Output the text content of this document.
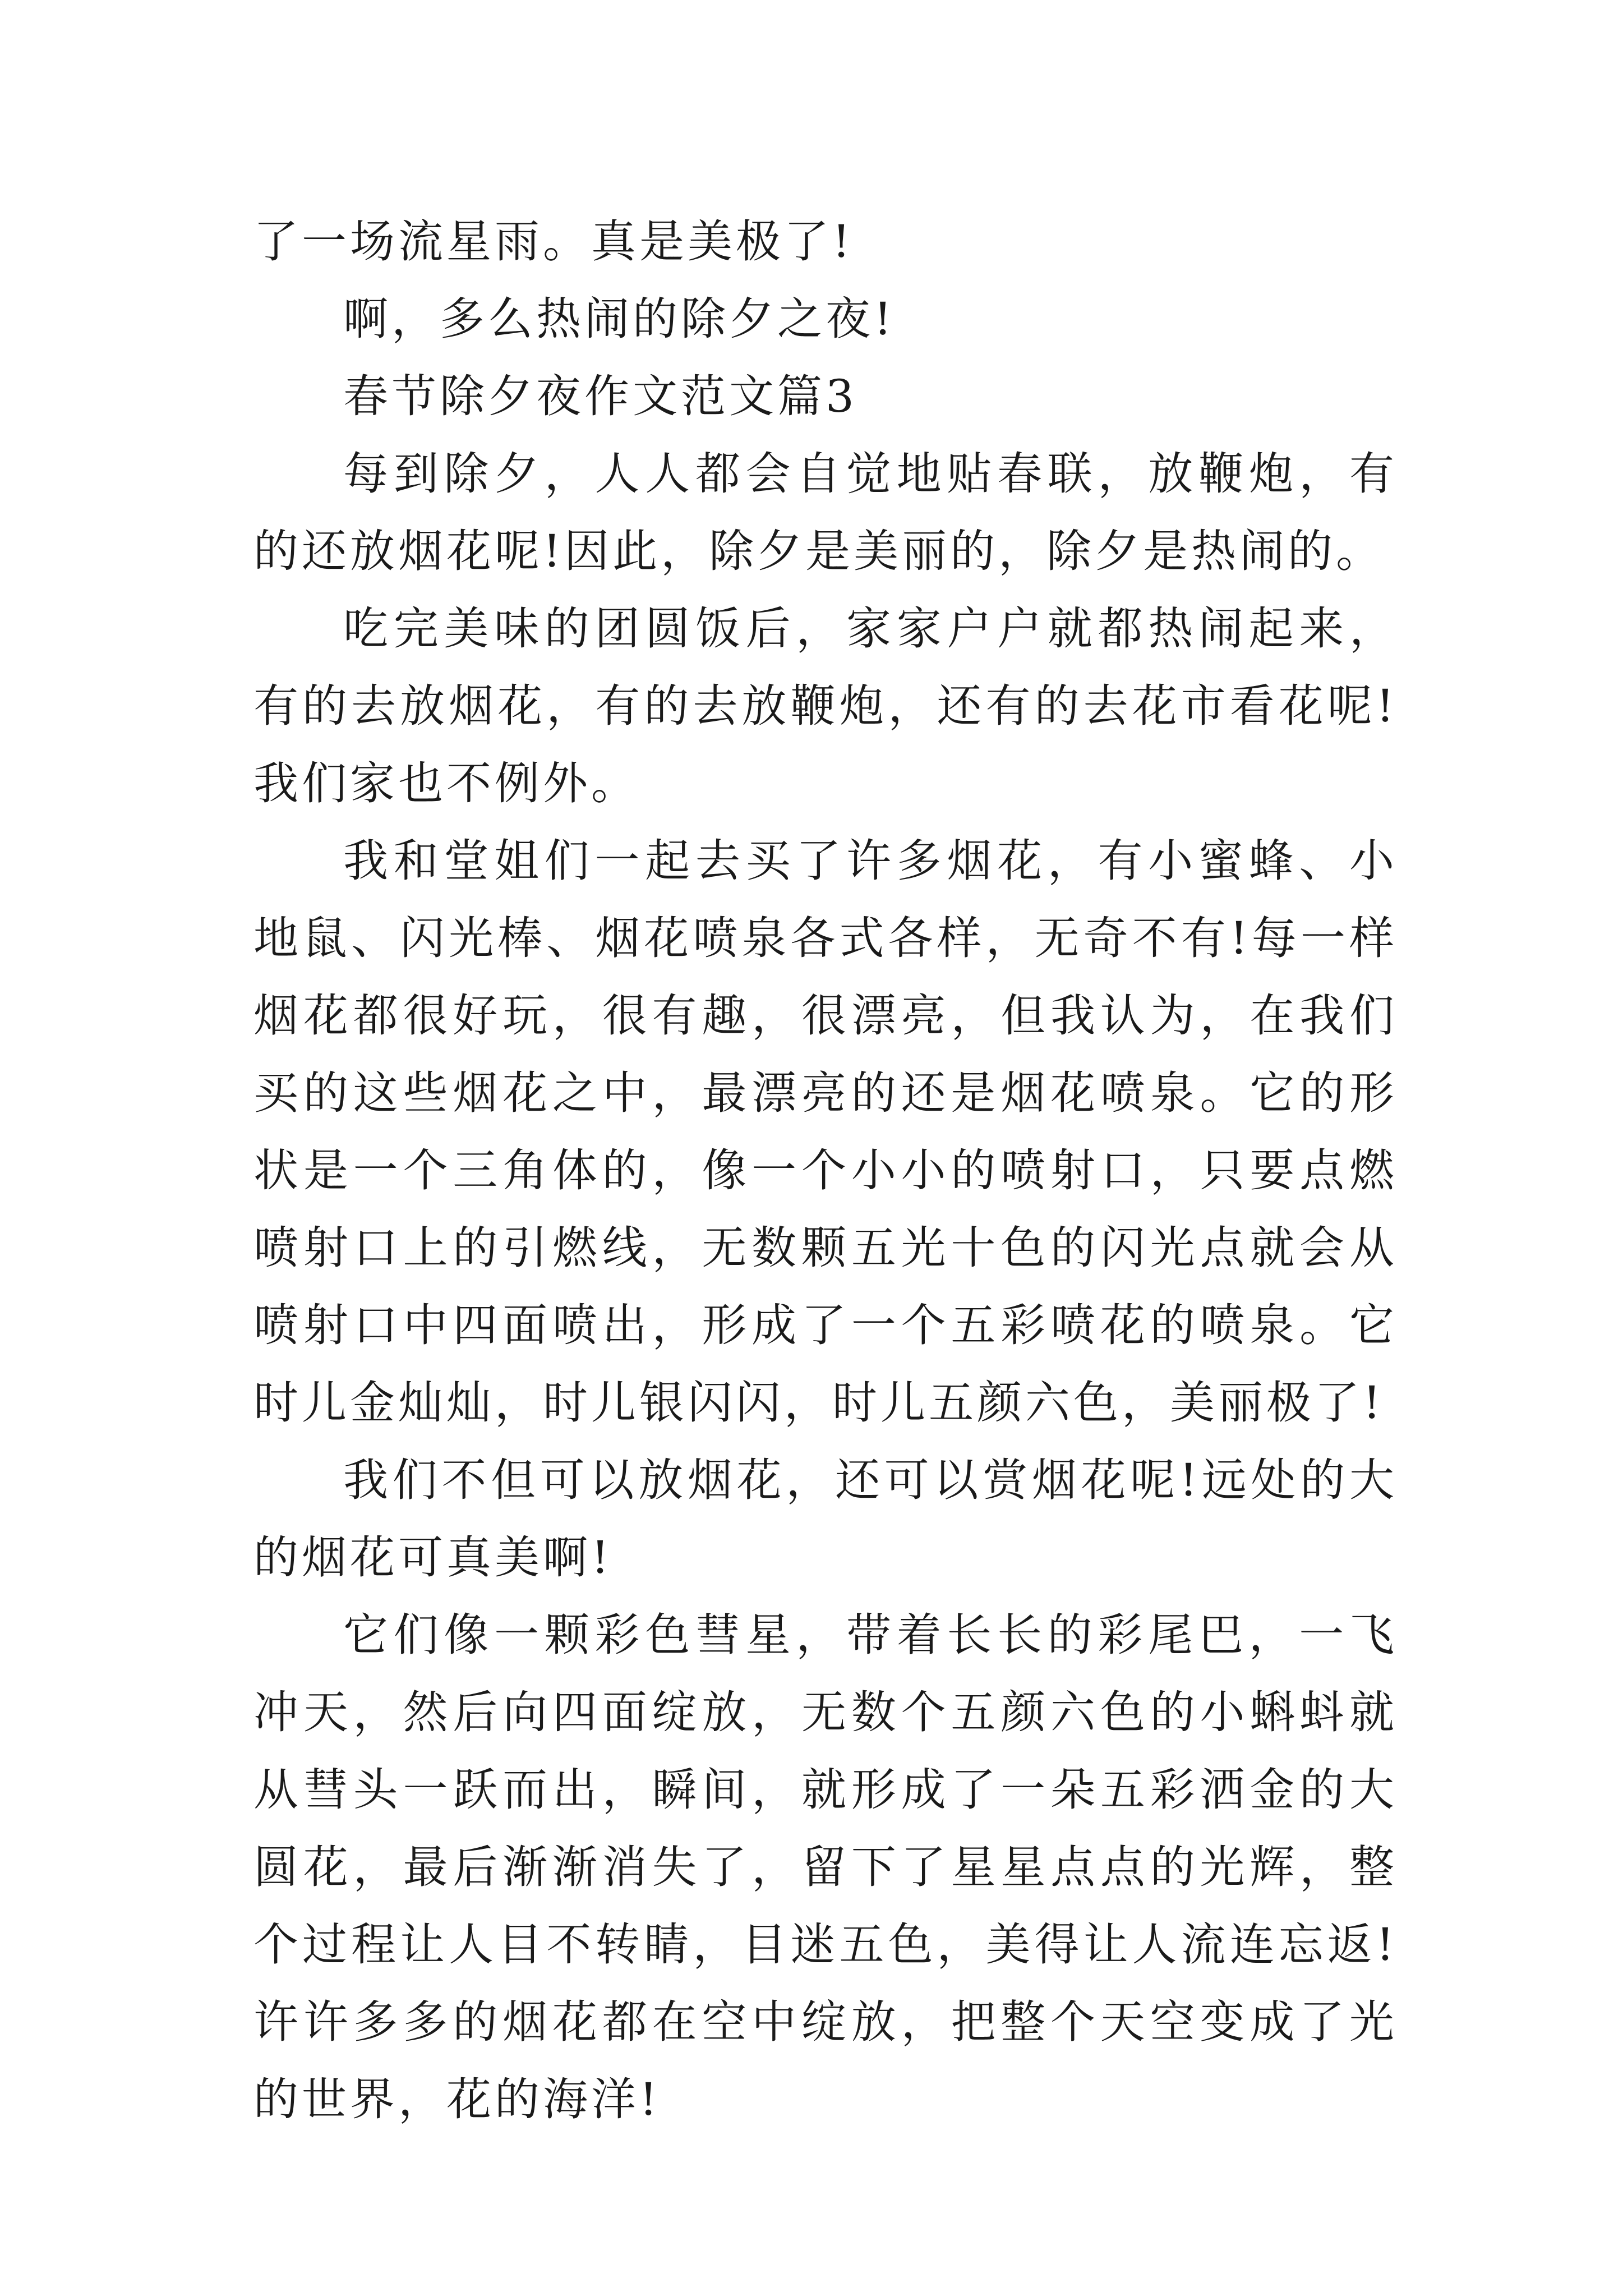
了一场流星雨。真是美极了!

啊，多么热闹的除夕之夜!

春节除夕夜作文范文篇3

每到除夕，人人都会自觉地贴春联，放鞭炮，有的还放烟花呢!因此，除夕是美丽的，除夕是热闹的。

吃完美味的团圆饭后，家家户户就都热闹起来，有的去放烟花，有的去放鞭炮，还有的去花市看花呢!我们家也不例外。

我和堂姐们一起去买了许多烟花，有小蜜蜂、小地鼠、闪光棒、烟花喷泉各式各样，无奇不有!每一样烟花都很好玩，很有趣，很漂亮，但我认为，在我们买的这些烟花之中，最漂亮的还是烟花喷泉。它的形状是一个三角体的，像一个小小的喷射口，只要点燃喷射口上的引燃线，无数颗五光十色的闪光点就会从喷射口中四面喷出，形成了一个五彩喷花的喷泉。它时儿金灿灿，时儿银闪闪，时儿五颜六色，美丽极了!

我们不但可以放烟花，还可以赏烟花呢!远处的大的烟花可真美啊!

它们像一颗彩色彗星，带着长长的彩尾巴，一飞冲天，然后向四面绽放，无数个五颜六色的小蝌蚪就从彗头一跃而出，瞬间，就形成了一朵五彩洒金的大圆花，最后渐渐消失了，留下了星星点点的光辉，整个过程让人目不转睛，目迷五色，美得让人流连忘返!许许多多的烟花都在空中绽放，把整个天空变成了光的世界，花的海洋!
